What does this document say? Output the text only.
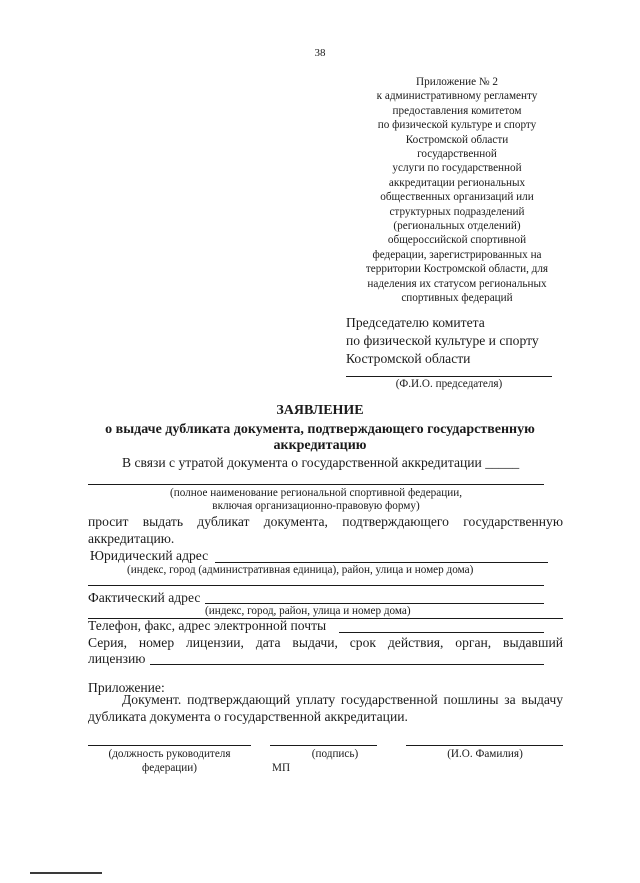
38
Приложение № 2
к административному регламенту
предоставления комитетом
по физической культуре и спорту
Костромской области
государственной
услуги по государственной
аккредитации региональных
общественных организаций или
структурных подразделений
(региональных отделений)
общероссийской спортивной
федерации, зарегистрированных на
территории Костромской области, для
наделения их статусом региональных
спортивных федераций
Председателю комитета
по физической культуре и спорту
Костромской области
(Ф.И.О. председателя)
ЗАЯВЛЕНИЕ
о выдаче дубликата документа, подтверждающего государственную
аккредитацию
В связи с утратой документа о государственной аккредитации _____
(полное наименование региональной спортивной федерации,
включая организационно-правовую форму)
просит выдать дубликат документа, подтверждающего государственную
аккредитацию.
Юридический адрес
(индекс, город (административная единица), район, улица и номер дома)
Фактический адрес
(индекс, город, район, улица и номер дома)
Телефон, факс, адрес электронной почты
Серия, номер лицензии, дата выдачи, срок действия, орган, выдавший
лицензию
Приложение:
Документ. подтверждающий уплату государственной пошлины за выдачу
дубликата документа о государственной аккредитации.
(должность руководителя
федерации)
(подпись)
МП
(И.О. Фамилия)
